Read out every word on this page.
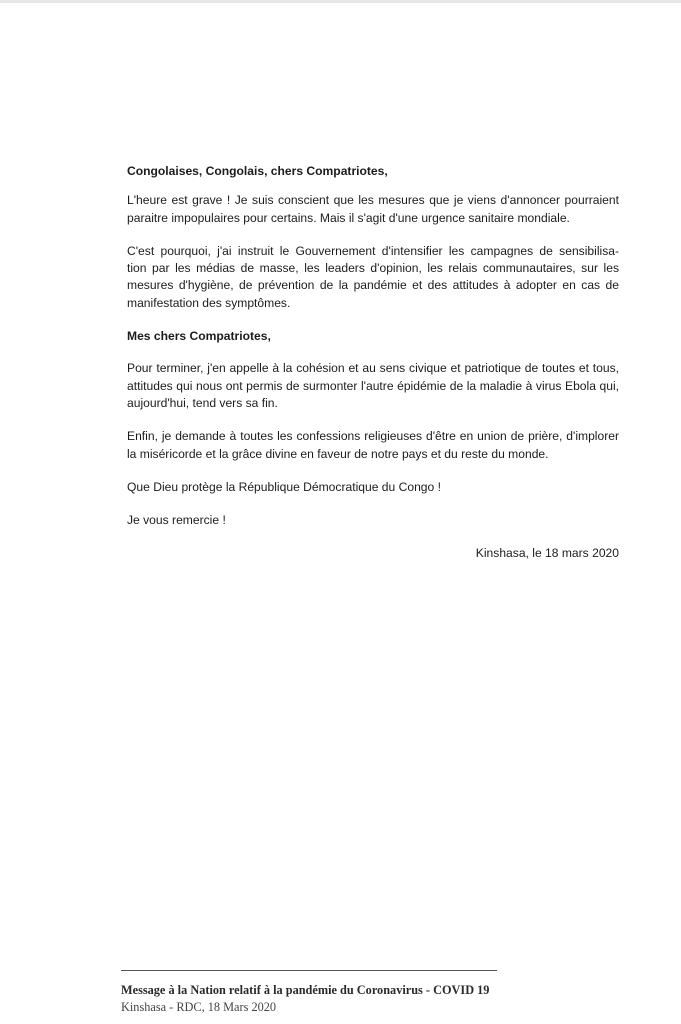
Congolaises, Congolais, chers Compatriotes,

L'heure est grave ! Je suis conscient que les mesures que je viens d'annoncer pourraient
paraitre impopulaires pour certains. Mais il s'agit d'une urgence sanitaire mondiale.
C'est pourquoi, j'ai instruit le Gouvernement d'intensifier les campagnes de sensibilisa-
tion par les médias de masse, les leaders d'opinion, les relais communautaires, sur les
mesures d'hygiène, de prévention de la pandémie et des attitudes à adopter en cas de
manifestation des symptômes.

Mes chers Compatriotes,

Pour terminer, j'en appelle à la cohésion et au sens civique et patriotique de toutes et tous,
attitudes qui nous ont permis de surmonter l'autre épidémie de la maladie à virus Ebola qui,
aujourd'hui, tend vers sa fin.
Enfin, je demande à toutes les confessions religieuses d'être en union de prière, d'implorer
la miséricorde et la grâce divine en faveur de notre pays et du reste du monde.

Que Dieu protège la République Démocratique du Congo !

Je vous remercie !

Kinshasa, le 18 mars 2020

Message à la Nation relatif à la pandémie du Coronavirus - COVID 19
Kinshasa - RDC, 18 Mars 2020
